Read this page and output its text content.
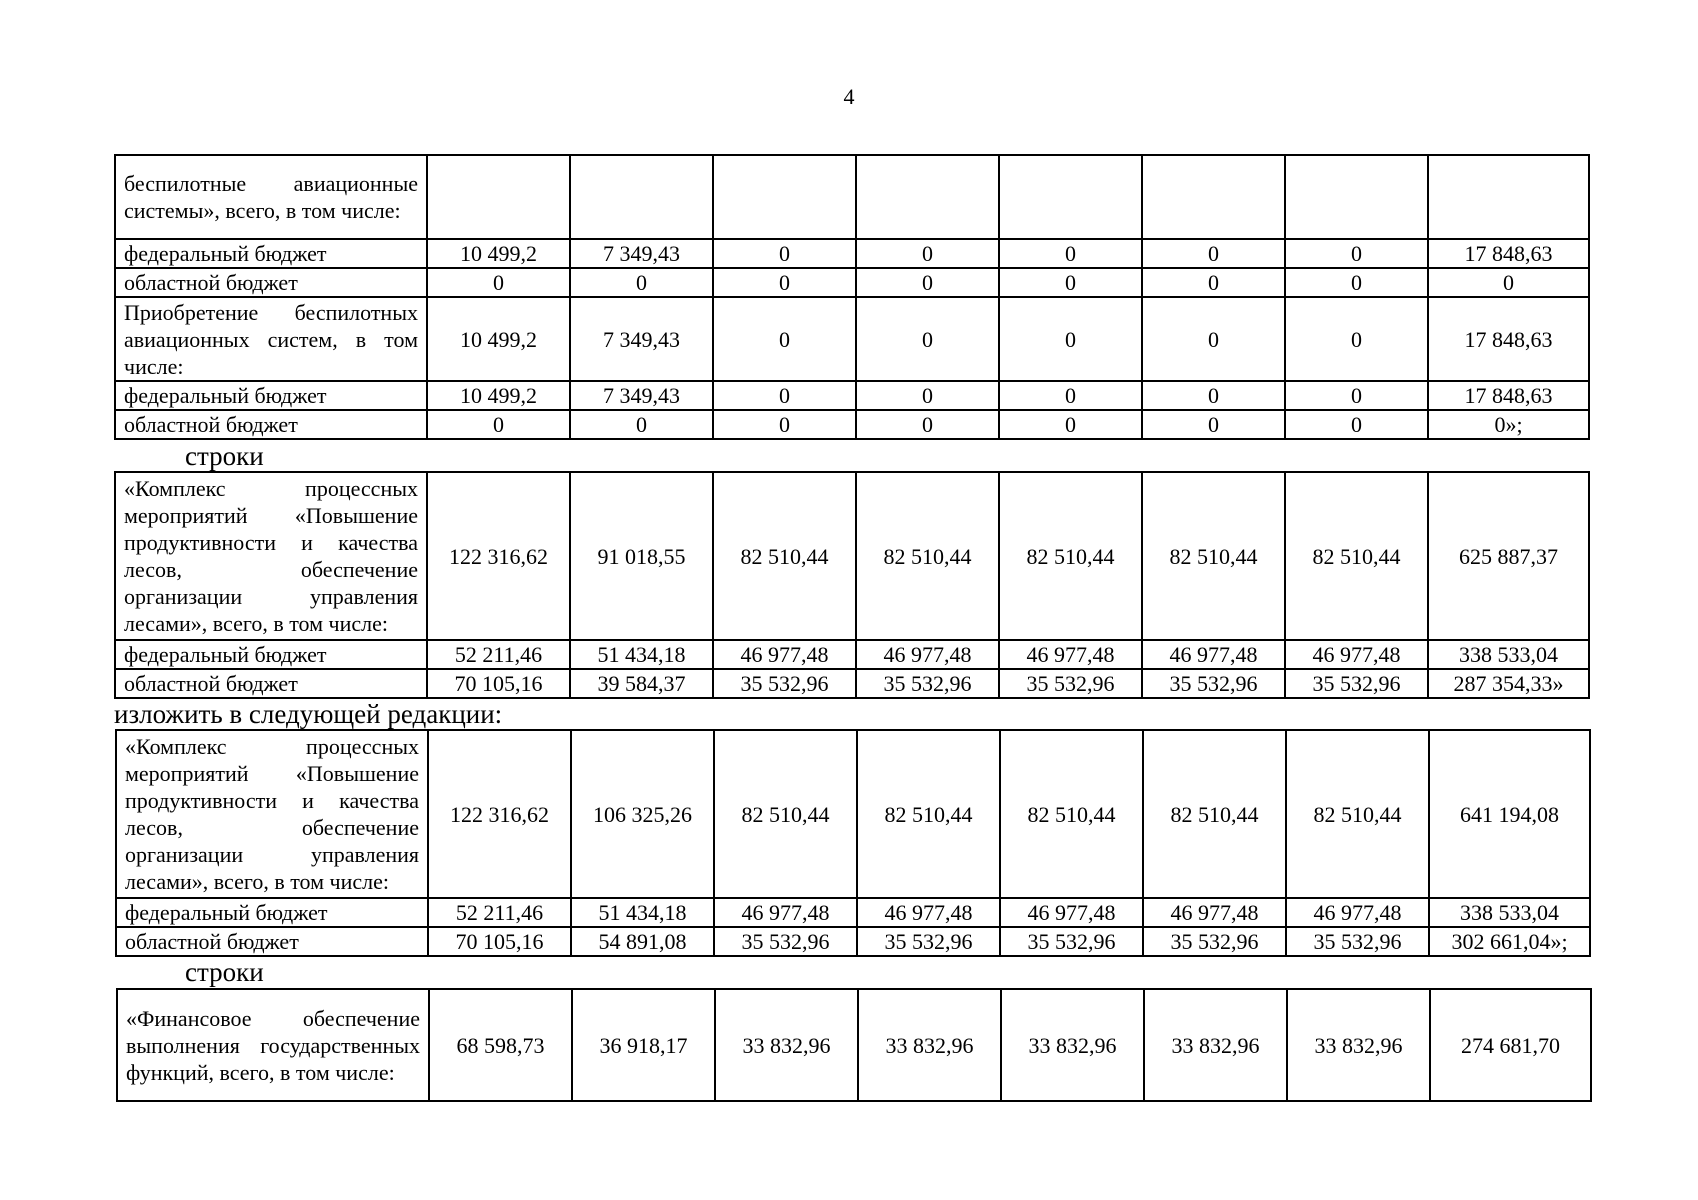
4
беспилотные авиационные системы», всего, в том числе:								
федеральный бюджет	10 499,2	7 349,43	0	0	0	0	0	17 848,63
областной бюджет	0	0	0	0	0	0	0	0
Приобретение беспилотных авиационных систем, в том числе:	10 499,2	7 349,43	0	0	0	0	0	17 848,63
федеральный бюджет	10 499,2	7 349,43	0	0	0	0	0	17 848,63
областной бюджет	0	0	0	0	0	0	0	0»;
строки
«Комплекс процессных мероприятий «Повышение продуктивности и качества лесов, обеспечение организации управления лесами», всего, в том числе:	122 316,62	91 018,55	82 510,44	82 510,44	82 510,44	82 510,44	82 510,44	625 887,37
федеральный бюджет	52 211,46	51 434,18	46 977,48	46 977,48	46 977,48	46 977,48	46 977,48	338 533,04
областной бюджет	70 105,16	39 584,37	35 532,96	35 532,96	35 532,96	35 532,96	35 532,96	287 354,33»
изложить в следующей редакции:
«Комплекс процессных мероприятий «Повышение продуктивности и качества лесов, обеспечение организации управления лесами», всего, в том числе:	122 316,62	106 325,26	82 510,44	82 510,44	82 510,44	82 510,44	82 510,44	641 194,08
федеральный бюджет	52 211,46	51 434,18	46 977,48	46 977,48	46 977,48	46 977,48	46 977,48	338 533,04
областной бюджет	70 105,16	54 891,08	35 532,96	35 532,96	35 532,96	35 532,96	35 532,96	302 661,04»;
строки
«Финансовое обеспечение выполнения государственных функций, всего, в том числе:	68 598,73	36 918,17	33 832,96	33 832,96	33 832,96	33 832,96	33 832,96	274 681,70
